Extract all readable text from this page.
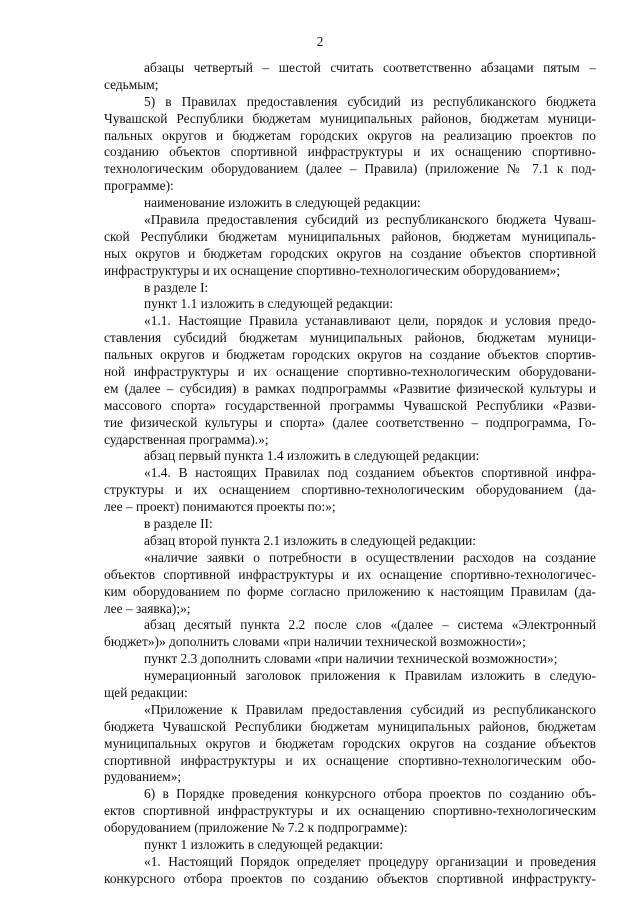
2
абзацы четвертый – шестой считать соответственно абзацами пятым –
седьмым;
5) в Правилах предоставления субсидий из республиканского бюджета
Чувашской Республики бюджетам муниципальных районов, бюджетам муници-
пальных округов и бюджетам городских округов на реализацию проектов по
созданию объектов спортивной инфраструктуры и их оснащению спортивно-
технологическим оборудованием (далее – Правила) (приложение № 7.1 к под-
программе):
наименование изложить в следующей редакции:
«Правила предоставления субсидий из республиканского бюджета Чуваш-
ской Республики бюджетам муниципальных районов, бюджетам муниципаль-
ных округов и бюджетам городских округов на создание объектов спортивной
инфраструктуры и их оснащение спортивно-технологическим оборудованием»;
в разделе I:
пункт 1.1 изложить в следующей редакции:
«1.1. Настоящие Правила устанавливают цели, порядок и условия предо-
ставления субсидий бюджетам муниципальных районов, бюджетам муници-
пальных округов и бюджетам городских округов на создание объектов спортив-
ной инфраструктуры и их оснащение спортивно-технологическим оборудовани-
ем (далее – субсидия) в рамках подпрограммы «Развитие физической культуры и
массового спорта» государственной программы Чувашской Республики «Разви-
тие физической культуры и спорта» (далее соответственно – подпрограмма, Го-
сударственная программа).»;
абзац первый пункта 1.4 изложить в следующей редакции:
«1.4. В настоящих Правилах под созданием объектов спортивной инфра-
структуры и их оснащением спортивно-технологическим оборудованием (да-
лее – проект) понимаются проекты по:»;
в разделе II:
абзац второй пункта 2.1 изложить в следующей редакции:
«наличие заявки о потребности в осуществлении расходов на создание
объектов спортивной инфраструктуры и их оснащение спортивно-технологичес-
ким оборудованием по форме согласно приложению к настоящим Правилам (да-
лее – заявка);»;
абзац десятый пункта 2.2 после слов «(далее – система «Электронный
бюджет»)» дополнить словами «при наличии технической возможности»;
пункт 2.3 дополнить словами «при наличии технической возможности»;
нумерационный заголовок приложения к Правилам изложить в следую-
щей редакции:
«Приложение к Правилам предоставления субсидий из республиканского
бюджета Чувашской Республики бюджетам муниципальных районов, бюджетам
муниципальных округов и бюджетам городских округов на создание объектов
спортивной инфраструктуры и их оснащение спортивно-технологическим обо-
рудованием»;
6) в Порядке проведения конкурсного отбора проектов по созданию объ-
ектов спортивной инфраструктуры и их оснащению спортивно-технологическим
оборудованием (приложение № 7.2 к подпрограмме):
пункт 1 изложить в следующей редакции:
«1. Настоящий Порядок определяет процедуру организации и проведения
конкурсного отбора проектов по созданию объектов спортивной инфраструкту-
